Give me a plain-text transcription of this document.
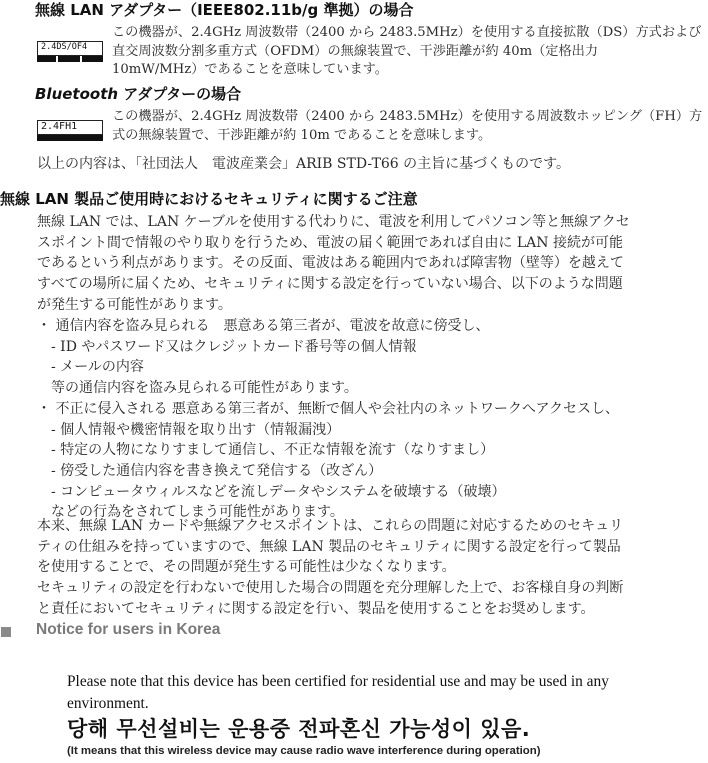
無線 LAN アダプター（IEEE802.11b/g 準拠）の場合
2.4DS/OF4
この機器が、2.4GHz 周波数帯（2400 から 2483.5MHz）を使用する直接拡散（DS）方式および
直交周波数分割多重方式（OFDM）の無線装置で、干渉距離が約 40m（定格出力
10mW/MHz）であることを意味しています。
Bluetooth アダプターの場合
2.4FH1
この機器が、2.4GHz 周波数帯（2400 から 2483.5MHz）を使用する周波数ホッピング（FH）方
式の無線装置で、干渉距離が約 10m であることを意味します。
以上の内容は、「社団法人　電波産業会」ARIB STD-T66 の主旨に基づくものです。
無線 LAN 製品ご使用時におけるセキュリティに関するご注意
無線 LAN では、LAN ケーブルを使用する代わりに、電波を利用してパソコン等と無線アクセ
スポイント間で情報のやり取りを行うため、電波の届く範囲であれば自由に LAN 接続が可能
であるという利点があります。その反面、電波はある範囲内であれば障害物（壁等）を越えて
すべての場所に届くため、セキュリティに関する設定を行っていない場合、以下のような問題
が発生する可能性があります。
・ 通信内容を盗み見られる　悪意ある第三者が、電波を故意に傍受し、
　- ID やパスワード又はクレジットカード番号等の個人情報
　- メールの内容
　等の通信内容を盗み見られる可能性があります。
・ 不正に侵入される 悪意ある第三者が、無断で個人や会社内のネットワークへアクセスし、
　- 個人情報や機密情報を取り出す（情報漏洩）
　- 特定の人物になりすまして通信し、不正な情報を流す（なりすまし）
　- 傍受した通信内容を書き換えて発信する（改ざん）
　- コンピュータウィルスなどを流しデータやシステムを破壊する（破壊）
　などの行為をされてしまう可能性があります。
本来、無線 LAN カードや無線アクセスポイントは、これらの問題に対応するためのセキュリ
ティの仕組みを持っていますので、無線 LAN 製品のセキュリティに関する設定を行って製品
を使用することで、その問題が発生する可能性は少なくなります。
セキュリティの設定を行わないで使用した場合の問題を充分理解した上で、お客様自身の判断
と責任においてセキュリティに関する設定を行い、製品を使用することをお奨めします。
Notice for users in Korea
Please note that this device has been certified for residential use and may be used in any
environment.
당해 무선설비는 운용중 전파혼신 가능성이 있음.
(It means that this wireless device may cause radio wave interference during operation)
